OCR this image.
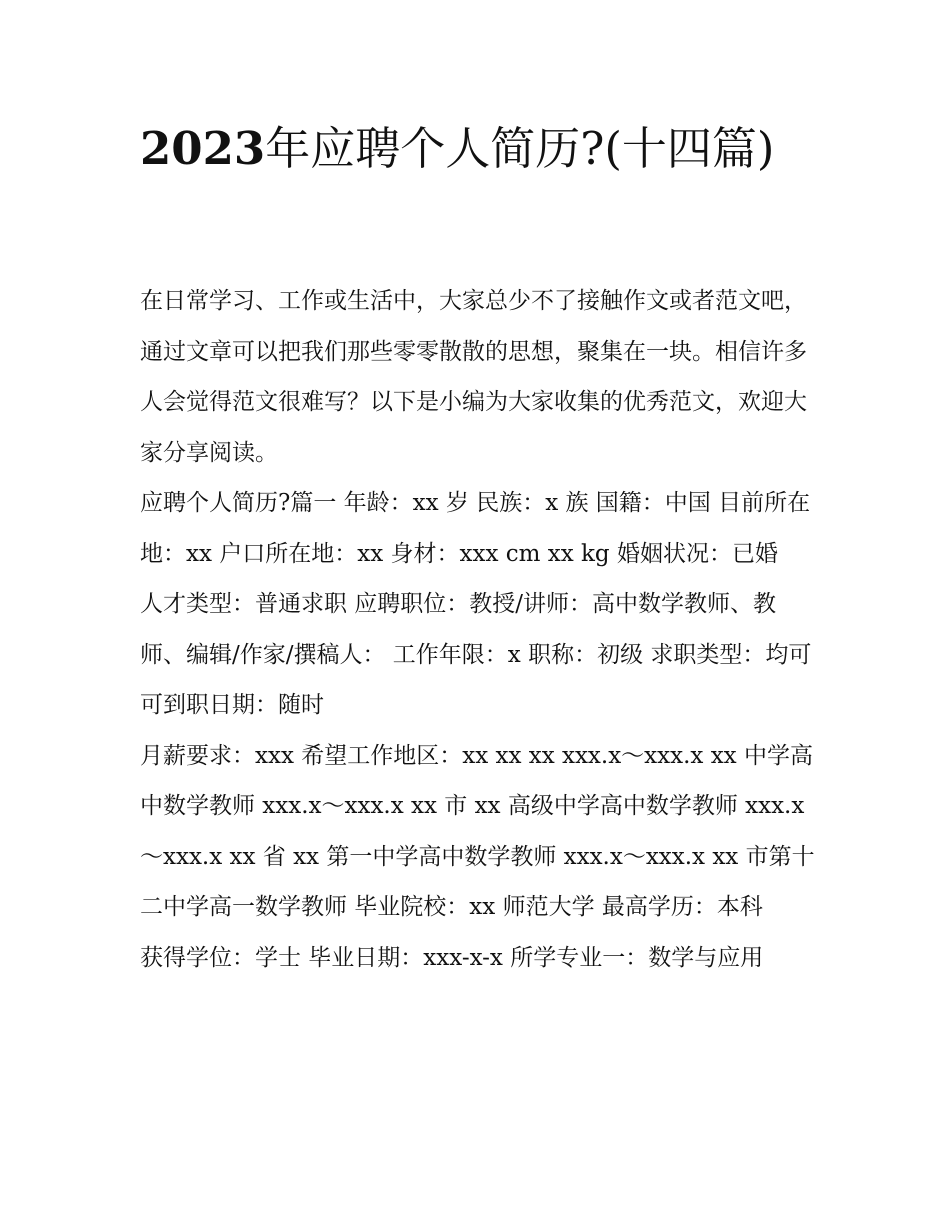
2023年应聘个人简历?(十四篇)

在日常学习、工作或生活中，大家总少不了接触作文或者范文吧，通过文章可以把我们那些零零散散的思想，聚集在一块。相信许多人会觉得范文很难写？以下是小编为大家收集的优秀范文，欢迎大家分享阅读。

应聘个人简历?篇一 年龄：xx 岁 民族：x 族 国籍：中国 目前所在地：xx 户口所在地：xx 身材：xxx cm xx kg 婚姻状况：已婚

人才类型：普通求职 应聘职位：教授/讲师：高中数学教师、教师、编辑/作家/撰稿人： 工作年限：x 职称：初级 求职类型：均可 可到职日期：随时

月薪要求：xxx 希望工作地区：xx xx xx xxx.x～xxx.x xx 中学高中数学教师 xxx.x～xxx.x xx 市 xx 高级中学高中数学教师 xxx.x～xxx.x xx 省 xx 第一中学高中数学教师 xxx.x～xxx.x xx 市第十二中学高一数学教师 毕业院校：xx 师范大学 最高学历：本科

获得学位：学士 毕业日期：xxx-x-x 所学专业一：数学与应用
